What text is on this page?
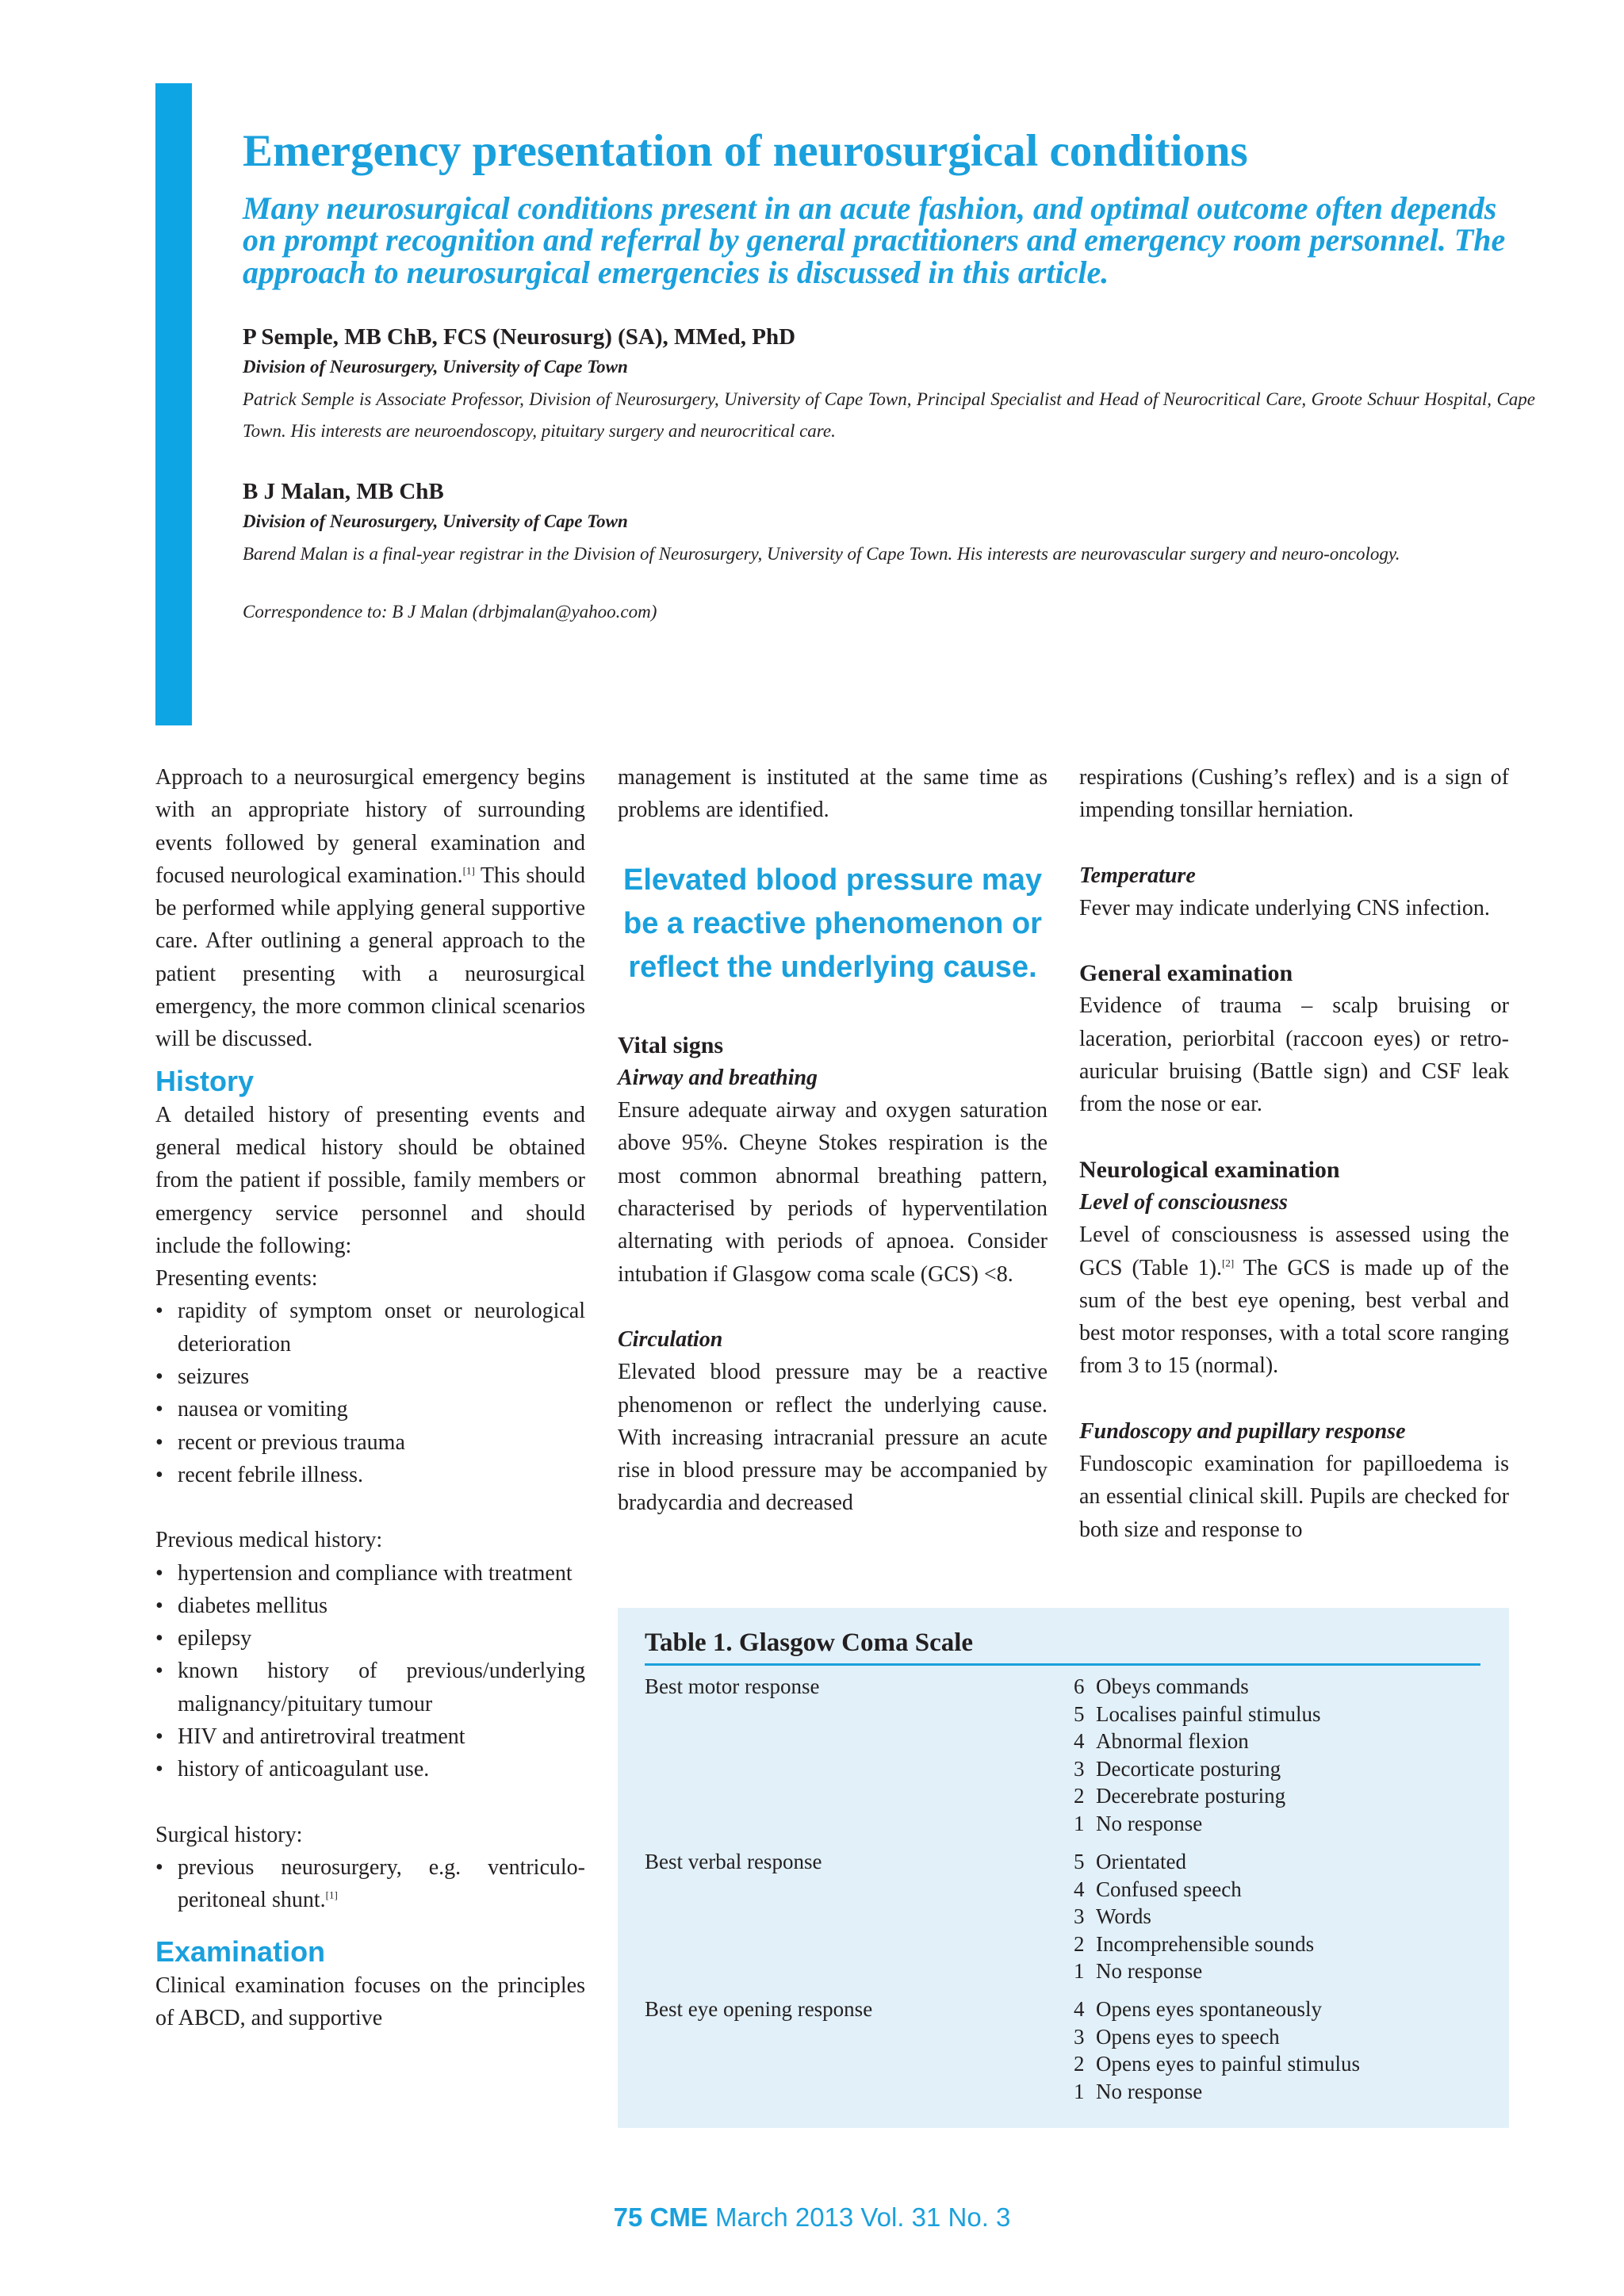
Emergency presentation of neurosurgical conditions

Many neurosurgical conditions present in an acute fashion, and optimal outcome often depends on prompt recognition and referral by general practitioners and emergency room personnel. The approach to neurosurgical emergencies is discussed in this article.

P Semple, MB ChB, FCS (Neurosurg) (SA), MMed, PhD

Division of Neurosurgery, University of Cape Town

Patrick Semple is Associate Professor, Division of Neurosurgery, University of Cape Town, Principal Specialist and Head of Neurocritical Care, Groote Schuur Hospital, Cape Town. His interests are neuroendoscopy, pituitary surgery and neurocritical care.

B J Malan, MB ChB

Division of Neurosurgery, University of Cape Town

Barend Malan is a final-year registrar in the Division of Neurosurgery, University of Cape Town. His interests are neurovascular surgery and neuro-oncology.

Correspondence to: B J Malan (drbjmalan@yahoo.com)

Approach to a neurosurgical emergency begins with an appropriate history of surrounding events followed by general examination and focused neurological examination.[1] This should be performed while applying general supportive care. After outlining a general approach to the patient presenting with a neurosurgical emergency, the more common clinical scenarios will be discussed.

History

A detailed history of presenting events and general medical history should be obtained from the patient if possible, family members or emergency service personnel and should include the following:

Presenting events:

• rapidity of symptom onset or neurological deterioration
• seizures
• nausea or vomiting
• recent or previous trauma
• recent febrile illness.

Previous medical history:

• hypertension and compliance with treatment
• diabetes mellitus
• epilepsy
• known history of previous/underlying malignancy/pituitary tumour
• HIV and antiretroviral treatment
• history of anticoagulant use.

Surgical history:

• previous neurosurgery, e.g. ventriculo-peritoneal shunt.[1]
Examination

Clinical examination focuses on the principles of ABCD, and supportive

management is instituted at the same time as problems are identified.

Elevated blood pressure may be a reactive phenomenon or reflect the underlying cause.

Vital signs

Airway and breathing

Ensure adequate airway and oxygen saturation above 95%. Cheyne Stokes respiration is the most common abnormal breathing pattern, characterised by periods of hyperventilation alternating with periods of apnoea. Consider intubation if Glasgow coma scale (GCS) <8.

Circulation

Elevated blood pressure may be a reactive phenomenon or reflect the underlying cause. With increasing intracranial pressure an acute rise in blood pressure may be accompanied by bradycardia and decreased

respirations (Cushing’s reflex) and is a sign of impending tonsillar herniation.

Temperature

Fever may indicate underlying CNS infection.

General examination

Evidence of trauma – scalp bruising or laceration, periorbital (raccoon eyes) or retro-auricular bruising (Battle sign) and CSF leak from the nose or ear.

Neurological examination

Level of consciousness

Level of consciousness is assessed using the GCS (Table 1).[2] The GCS is made up of the sum of the best eye opening, best verbal and best motor responses, with a total score ranging from 3 to 15 (normal).

Fundoscopy and pupillary response

Fundoscopic examination for papilloedema is an essential clinical skill. Pupils are checked for both size and response to

Table 1. Glasgow Coma Scale

Best motor response	6 Obeys commands
5 Localises painful stimulus
4 Abnormal flexion
3 Decorticate posturing
2 Decerebrate posturing
1 No response
Best verbal response	5 Orientated
4 Confused speech
3 Words
2 Incomprehensible sounds
1 No response
Best eye opening response	4 Opens eyes spontaneously
3 Opens eyes to speech
2 Opens eyes to painful stimulus
1 No response
75 CME March 2013 Vol. 31 No. 3
